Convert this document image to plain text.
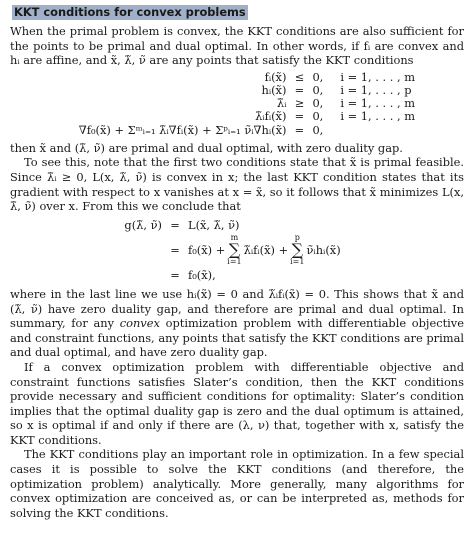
KKT conditions for convex problems

When the primal problem is convex, the KKT conditions are also sufficient for the points to be primal and dual optimal. In other words, if fᵢ are convex and hᵢ are affine, and x̃, λ̃, ν̃ are any points that satisfy the KKT conditions

fᵢ(x̃)	≤	0,	i = 1, . . . , m
hᵢ(x̃)	=	0,	i = 1, . . . , p
λ̃ᵢ	≥	0,	i = 1, . . . , m
λ̃ᵢfᵢ(x̃)	=	0,	i = 1, . . . , m
∇f₀(x̃) + Σᵐᵢ₌₁ λ̃ᵢ∇fᵢ(x̃) + Σᵖᵢ₌₁ ν̃ᵢ∇hᵢ(x̃)	=	0,	

then x̃ and (λ̃, ν̃) are primal and dual optimal, with zero duality gap.

To see this, note that the first two conditions state that x̃ is primal feasible. Since λ̃ᵢ ≥ 0, L(x, λ̃, ν̃) is convex in x; the last KKT condition states that its gradient with respect to x vanishes at x = x̃, so it follows that x̃ minimizes L(x, λ̃, ν̃) over x. From this we conclude that

g(λ̃, ν̃) = L(x̃, λ̃, ν̃)
= f₀(x̃) +
m
∑
i=1
λ̃ᵢfᵢ(x̃) +
p
∑
i=1
ν̃ᵢhᵢ(x̃)
= f₀(x̃),

where in the last line we use hᵢ(x̃) = 0 and λ̃ᵢfᵢ(x̃) = 0. This shows that x̃ and (λ̃, ν̃) have zero duality gap, and therefore are primal and dual optimal. In summary, for any convex optimization problem with differentiable objective and constraint functions, any points that satisfy the KKT conditions are primal and dual optimal, and have zero duality gap.

If a convex optimization problem with differentiable objective and constraint functions satisfies Slater’s condition, then the KKT conditions provide necessary and sufficient conditions for optimality: Slater’s condition implies that the optimal duality gap is zero and the dual optimum is attained, so x is optimal if and only if there are (λ, ν) that, together with x, satisfy the KKT conditions.

The KKT conditions play an important role in optimization. In a few special cases it is possible to solve the KKT conditions (and therefore, the optimization problem) analytically. More generally, many algorithms for convex optimization are conceived as, or can be interpreted as, methods for solving the KKT conditions.
